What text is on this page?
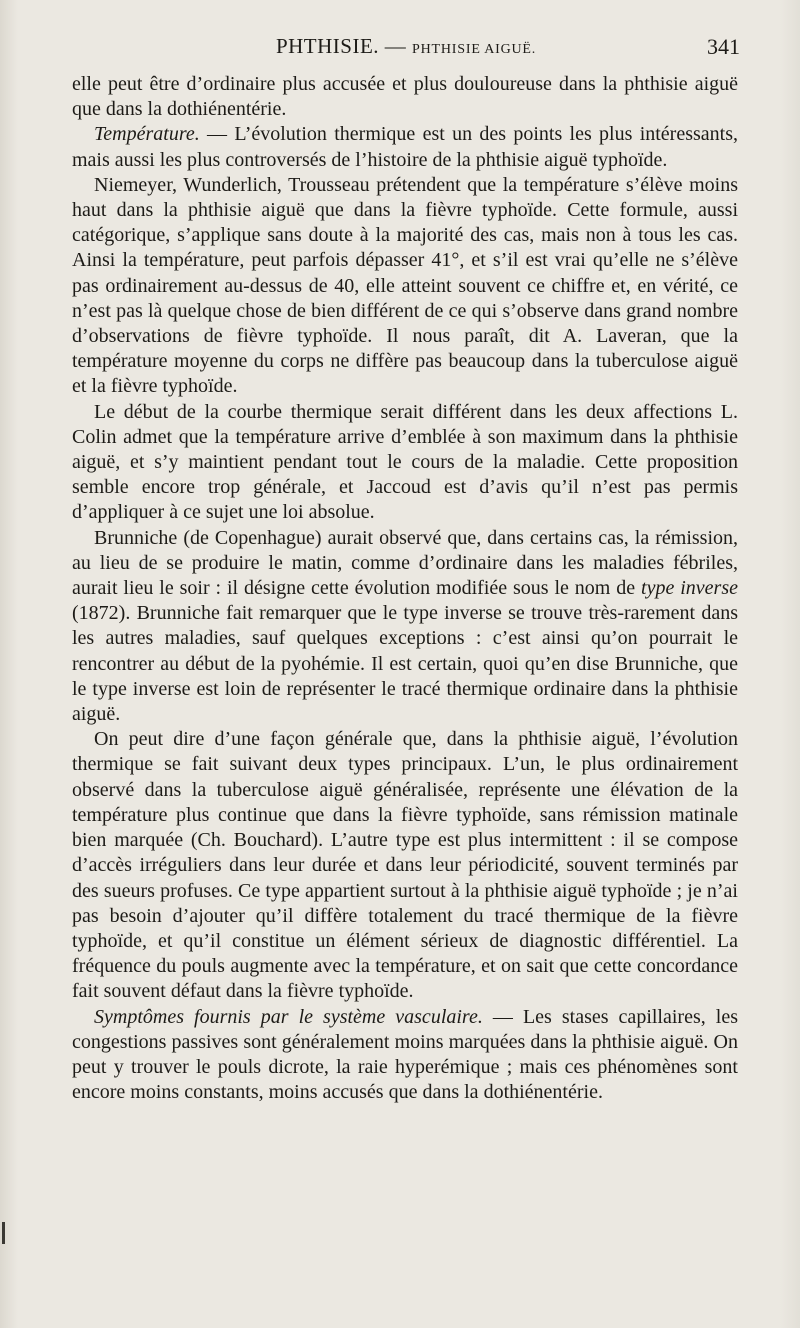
PHTHISIE. — PHTHISIE AIGUË.	341

elle peut être d’ordinaire plus accusée et plus douloureuse dans la phthisie aiguë que dans la dothiénentérie.

Température. — L’évolution thermique est un des points les plus intéressants, mais aussi les plus controversés de l’histoire de la phthisie aiguë typhoïde.

Niemeyer, Wunderlich, Trousseau prétendent que la température s’élève moins haut dans la phthisie aiguë que dans la fièvre typhoïde. Cette formule, aussi catégorique, s’applique sans doute à la majorité des cas, mais non à tous les cas. Ainsi la température, peut parfois dépasser 41°, et s’il est vrai qu’elle ne s’élève pas ordinairement au-dessus de 40, elle atteint souvent ce chiffre et, en vérité, ce n’est pas là quelque chose de bien différent de ce qui s’observe dans grand nombre d’observations de fièvre typhoïde. Il nous paraît, dit A. Laveran, que la température moyenne du corps ne diffère pas beaucoup dans la tuberculose aiguë et la fièvre typhoïde.

Le début de la courbe thermique serait différent dans les deux affections L. Colin admet que la température arrive d’emblée à son maximum dans la phthisie aiguë, et s’y maintient pendant tout le cours de la maladie. Cette proposition semble encore trop générale, et Jaccoud est d’avis qu’il n’est pas permis d’appliquer à ce sujet une loi absolue.

Brunniche (de Copenhague) aurait observé que, dans certains cas, la rémission, au lieu de se produire le matin, comme d’ordinaire dans les maladies fébriles, aurait lieu le soir : il désigne cette évolution modifiée sous le nom de type inverse (1872). Brunniche fait remarquer que le type inverse se trouve très-rarement dans les autres maladies, sauf quelques exceptions : c’est ainsi qu’on pourrait le rencontrer au début de la pyohémie. Il est certain, quoi qu’en dise Brunniche, que le type inverse est loin de représenter le tracé thermique ordinaire dans la phthisie aiguë.

On peut dire d’une façon générale que, dans la phthisie aiguë, l’évolution thermique se fait suivant deux types principaux. L’un, le plus ordinairement observé dans la tuberculose aiguë généralisée, représente une élévation de la température plus continue que dans la fièvre typhoïde, sans rémission matinale bien marquée (Ch. Bouchard). L’autre type est plus intermittent : il se compose d’accès irréguliers dans leur durée et dans leur périodicité, souvent terminés par des sueurs profuses. Ce type appartient surtout à la phthisie aiguë typhoïde ; je n’ai pas besoin d’ajouter qu’il diffère totalement du tracé thermique de la fièvre typhoïde, et qu’il constitue un élément sérieux de diagnostic différentiel. La fréquence du pouls augmente avec la température, et on sait que cette concordance fait souvent défaut dans la fièvre typhoïde.

Symptômes fournis par le système vasculaire. — Les stases capillaires, les congestions passives sont généralement moins marquées dans la phthisie aiguë. On peut y trouver le pouls dicrote, la raie hyperémique ; mais ces phénomènes sont encore moins constants, moins accusés que dans la dothiénentérie.
